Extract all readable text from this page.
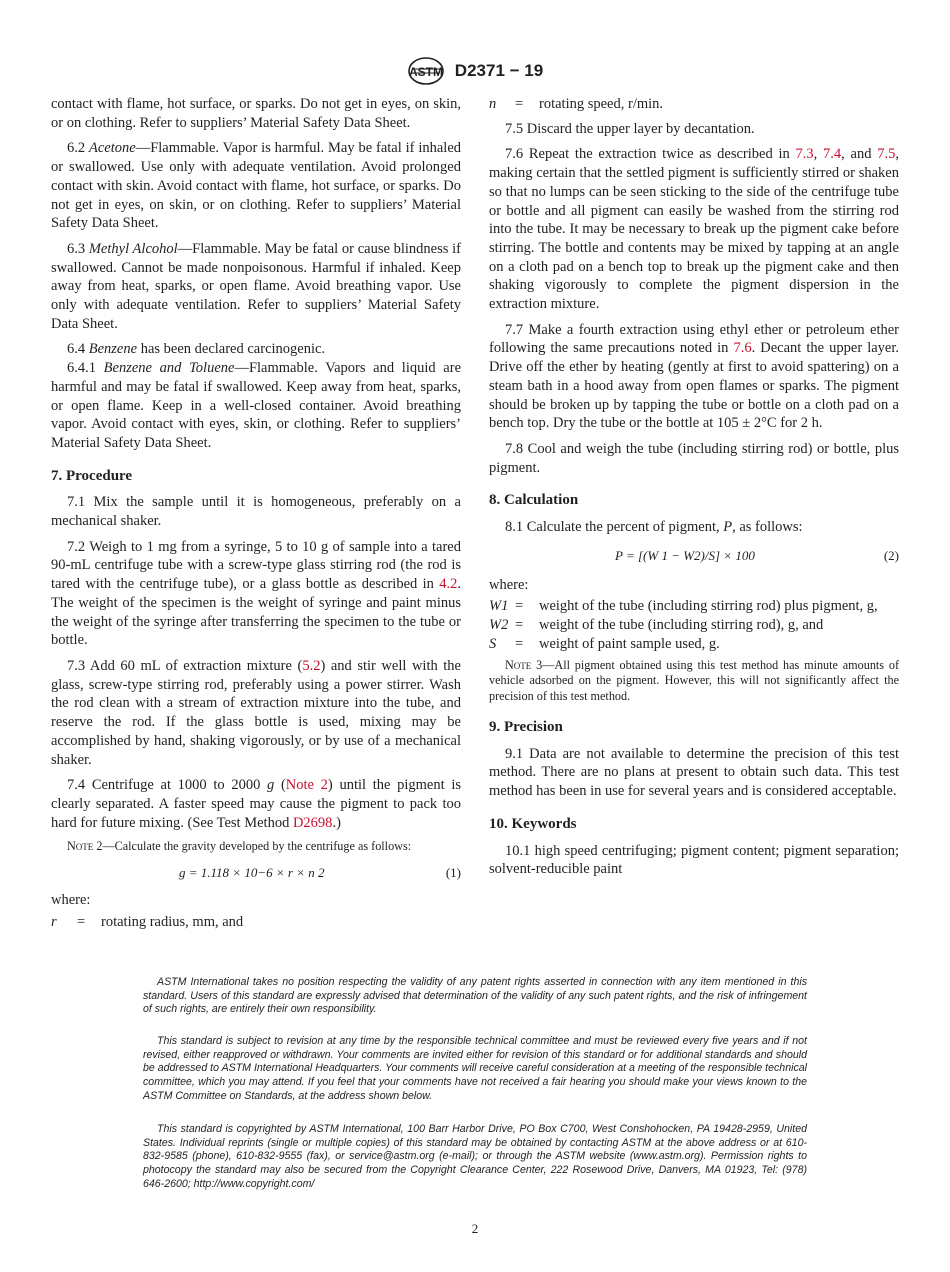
ASTM D2371 − 19

contact with flame, hot surface, or sparks. Do not get in eyes, on skin, or on clothing. Refer to suppliers’ Material Safety Data Sheet.

6.2 Acetone—Flammable. Vapor is harmful. May be fatal if inhaled or swallowed. Use only with adequate ventilation. Avoid prolonged contact with skin. Avoid contact with flame, hot surface, or sparks. Do not get in eyes, on skin, or on clothing. Refer to suppliers’ Material Safety Data Sheet.

6.3 Methyl Alcohol—Flammable. May be fatal or cause blindness if swallowed. Cannot be made nonpoisonous. Harmful if inhaled. Keep away from heat, sparks, or open flame. Avoid breathing vapor. Use only with adequate ventilation. Refer to suppliers’ Material Safety Data Sheet.

6.4 Benzene has been declared carcinogenic.

6.4.1 Benzene and Toluene—Flammable. Vapors and liquid are harmful and may be fatal if swallowed. Keep away from heat, sparks, or open flame. Keep in a well-closed container. Avoid breathing vapor. Avoid contact with eyes, skin, or clothing. Refer to suppliers’ Material Safety Data Sheet.

7. Procedure

7.1 Mix the sample until it is homogeneous, preferably on a mechanical shaker.

7.2 Weigh to 1 mg from a syringe, 5 to 10 g of sample into a tared 90-mL centrifuge tube with a screw-type glass stirring rod (the rod is tared with the centrifuge tube), or a glass bottle as described in 4.2. The weight of the specimen is the weight of syringe and paint minus the weight of the syringe after transferring the specimen to the tube or bottle.

7.3 Add 60 mL of extraction mixture (5.2) and stir well with the glass, screw-type stirring rod, preferably using a power stirrer. Wash the rod clean with a stream of extraction mixture into the tube, and reserve the rod. If the glass bottle is used, mixing may be accomplished by hand, shaking vigorously, or by use of a mechanical shaker.

7.4 Centrifuge at 1000 to 2000 g (Note 2) until the pigment is clearly separated. A faster speed may cause the pigment to pack too hard for future mixing. (See Test Method D2698.)

Note 2—Calculate the gravity developed by the centrifuge as follows:

g = 1.118 × 10−6 × r × n 2	(1)

where:

r	=	rotating radius, mm, and
n	=	rotating speed, r/min.

7.5 Discard the upper layer by decantation.

7.6 Repeat the extraction twice as described in 7.3, 7.4, and 7.5, making certain that the settled pigment is sufficiently stirred or shaken so that no lumps can be seen sticking to the side of the centrifuge tube or bottle and all pigment can easily be washed from the stirring rod into the tube. It may be necessary to break up the pigment cake before stirring. The bottle and contents may be mixed by tapping at an angle on a cloth pad on a bench top to break up the pigment cake and then shaking vigorously to complete the pigment dispersion in the extraction mixture.

7.7 Make a fourth extraction using ethyl ether or petroleum ether following the same precautions noted in 7.6. Decant the upper layer. Drive off the ether by heating (gently at first to avoid spattering) on a steam bath in a hood away from open flames or sparks. The pigment should be broken up by tapping the tube or bottle on a cloth pad on a bench top. Dry the tube or the bottle at 105 ± 2°C for 2 h.

7.8 Cool and weigh the tube (including stirring rod) or bottle, plus pigment.

8. Calculation

8.1 Calculate the percent of pigment, P, as follows:

P = [(W 1 − W2)/S] × 100	(2)

where:

W1 =	weight of the tube (including stirring rod) plus pigment, g,
W2 =	weight of the tube (including stirring rod), g, and
S	=	weight of paint sample used, g.

Note 3—All pigment obtained using this test method has minute amounts of vehicle adsorbed on the pigment. However, this will not significantly affect the precision of this test method.

9. Precision

9.1 Data are not available to determine the precision of this test method. There are no plans at present to obtain such data. This test method has been in use for several years and is considered acceptable.

10. Keywords

10.1 high speed centrifuging; pigment content; pigment separation; solvent-reducible paint

ASTM International takes no position respecting the validity of any patent rights asserted in connection with any item mentioned in this standard. Users of this standard are expressly advised that determination of the validity of any such patent rights, and the risk of infringement of such rights, are entirely their own responsibility.

This standard is subject to revision at any time by the responsible technical committee and must be reviewed every five years and if not revised, either reapproved or withdrawn. Your comments are invited either for revision of this standard or for additional standards and should be addressed to ASTM International Headquarters. Your comments will receive careful consideration at a meeting of the responsible technical committee, which you may attend. If you feel that your comments have not received a fair hearing you should make your views known to the ASTM Committee on Standards, at the address shown below.

This standard is copyrighted by ASTM International, 100 Barr Harbor Drive, PO Box C700, West Conshohocken, PA 19428-2959, United States. Individual reprints (single or multiple copies) of this standard may be obtained by contacting ASTM at the above address or at 610-832-9585 (phone), 610-832-9555 (fax), or service@astm.org (e-mail); or through the ASTM website (www.astm.org). Permission rights to photocopy the standard may also be secured from the Copyright Clearance Center, 222 Rosewood Drive, Danvers, MA 01923, Tel: (978) 646-2600; http://www.copyright.com/

2
